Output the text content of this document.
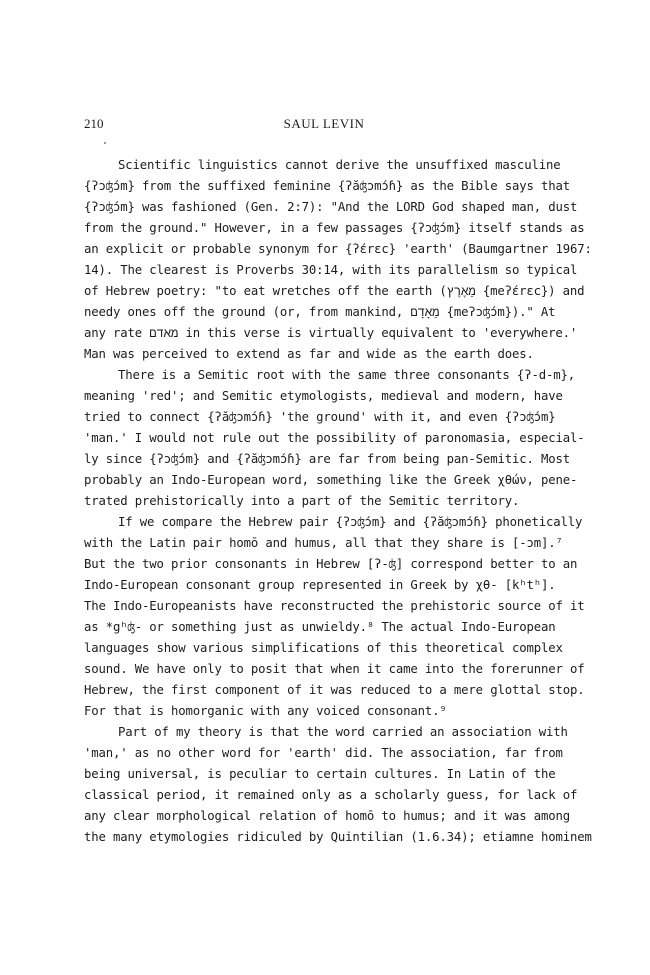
210	SAUL LEVIN
Scientific linguistics cannot derive the unsuffixed masculine
{ʔɔʤɔ́m} from the suffixed feminine {ʔăʤɔmɔ́ɦ} as the Bible says that
{ʔɔʤɔ́m} was fashioned (Gen. 2:7): "And the LORD God shaped man, dust
from the ground." However, in a few passages {ʔɔʤɔ́m} itself stands as
an explicit or probable synonym for {ʔɛ́rɛc} 'earth' (Baumgartner 1967:
14). The clearest is Proverbs 30:14, with its parallelism so typical
of Hebrew poetry: "to eat wretches off the earth (מֵאֶרֶץ {meʔɛ́rɛc}) and
needy ones off the ground (or, from mankind, מֵאָדָם {meʔɔʤɔ́m})." At
any rate מאדם in this verse is virtually equivalent to 'everywhere.'
Man was perceived to extend as far and wide as the earth does.
There is a Semitic root with the same three consonants {ʔ-d-m},
meaning 'red'; and Semitic etymologists, medieval and modern, have
tried to connect {ʔăʤɔmɔ́ɦ} 'the ground' with it, and even {ʔɔʤɔ́m}
'man.' I would not rule out the possibility of paronomasia, especial-
ly since {ʔɔʤɔ́m} and {ʔăʤɔmɔ́ɦ} are far from being pan-Semitic. Most
probably an Indo-European word, something like the Greek χθών, pene-
trated prehistorically into a part of the Semitic territory.
If we compare the Hebrew pair {ʔɔʤɔ́m} and {ʔăʤɔmɔ́ɦ} phonetically
with the Latin pair homō and humus, all that they share is [-ɔm].⁷
But the two prior consonants in Hebrew [ʔ-ʤ] correspond better to an
Indo-European consonant group represented in Greek by χθ- [kʰtʰ].
The Indo-Europeanists have reconstructed the prehistoric source of it
as *gʰʤ- or something just as unwieldy.⁸ The actual Indo-European
languages show various simplifications of this theoretical complex
sound. We have only to posit that when it came into the forerunner of
Hebrew, the first component of it was reduced to a mere glottal stop.
For that is homorganic with any voiced consonant.⁹
Part of my theory is that the word carried an association with
'man,' as no other word for 'earth' did. The association, far from
being universal, is peculiar to certain cultures. In Latin of the
classical period, it remained only as a scholarly guess, for lack of
any clear morphological relation of homō to humus; and it was among
the many etymologies ridiculed by Quintilian (1.6.34); etiamne hominem
